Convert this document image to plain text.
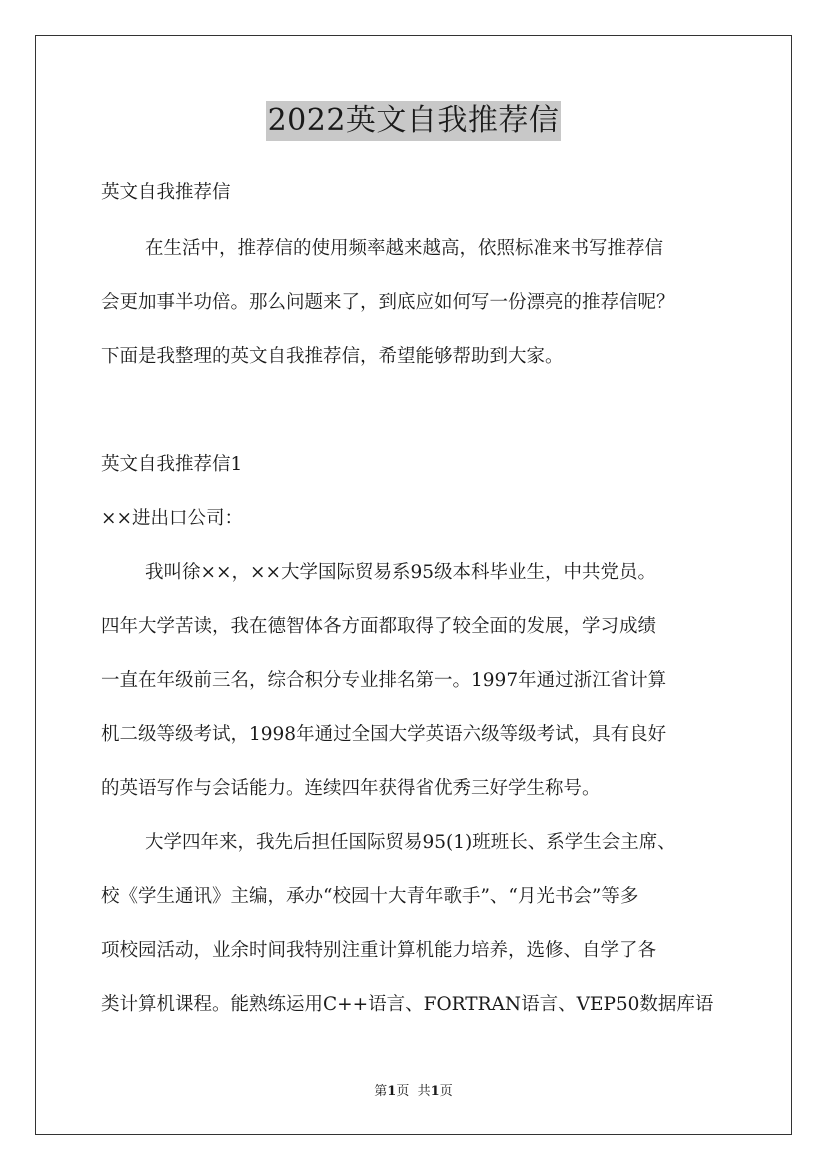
2022英文自我推荐信
英文自我推荐信
在生活中，推荐信的使用频率越来越高，依照标准来书写推荐信
会更加事半功倍。那么问题来了，到底应如何写一份漂亮的推荐信呢？
下面是我整理的英文自我推荐信，希望能够帮助到大家。
英文自我推荐信1
××进出口公司：
我叫徐××，××大学国际贸易系95级本科毕业生，中共党员。
四年大学苦读，我在德智体各方面都取得了较全面的发展，学习成绩
一直在年级前三名，综合积分专业排名第一。1997年通过浙江省计算
机二级等级考试，1998年通过全国大学英语六级等级考试，具有良好
的英语写作与会话能力。连续四年获得省优秀三好学生称号。
大学四年来，我先后担任国际贸易95(1)班班长、系学生会主席、
校《学生通讯》主编，承办“校园十大青年歌手”、“月光书会”等多
项校园活动，业余时间我特别注重计算机能力培养，选修、自学了各
类计算机课程。能熟练运用C++语言、FORTRAN语言、VEP50数据库语
第1页 共1页
